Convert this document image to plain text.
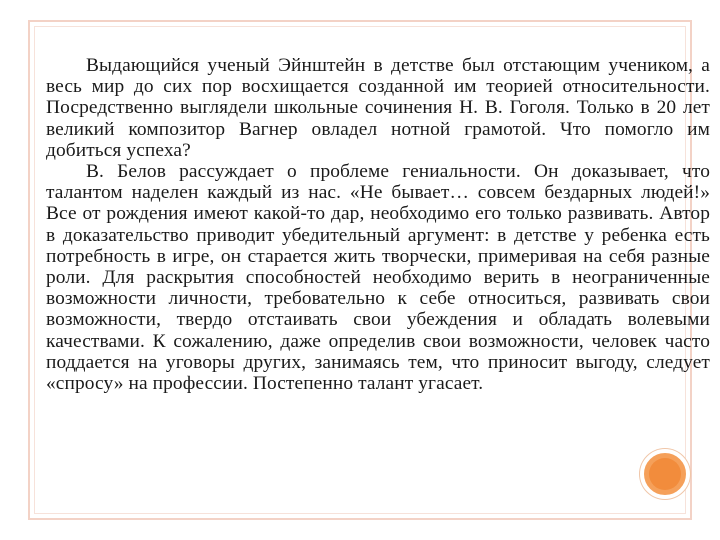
Выдающийся ученый Эйнштейн в детстве был отстающим учеником, а весь мир до сих пор восхищается созданной им теорией относительности. Посредственно выглядели школьные сочинения Н. В. Гоголя. Только в 20 лет великий композитор Вагнер овладел нотной грамотой. Что помогло им добиться успеха?

В. Белов рассуждает о проблеме гениальности. Он доказывает, что талантом наделен каждый из нас. «Не бывает… совсем бездарных людей!» Все от рождения имеют какой-то дар, необходимо его только развивать. Автор в доказательство приводит убедительный аргумент: в детстве у ребенка есть потребность в игре, он старается жить творчески, примеривая на себя разные роли. Для раскрытия способностей необходимо верить в неограниченные возможности личности, требовательно к себе относиться, развивать свои возможности, твердо отстаивать свои убеждения и обладать волевыми качествами. К сожалению, даже определив свои возможности, человек часто поддается на уговоры других, занимаясь тем, что приносит выгоду, следует «спросу» на профессии. Постепенно талант угасает.
